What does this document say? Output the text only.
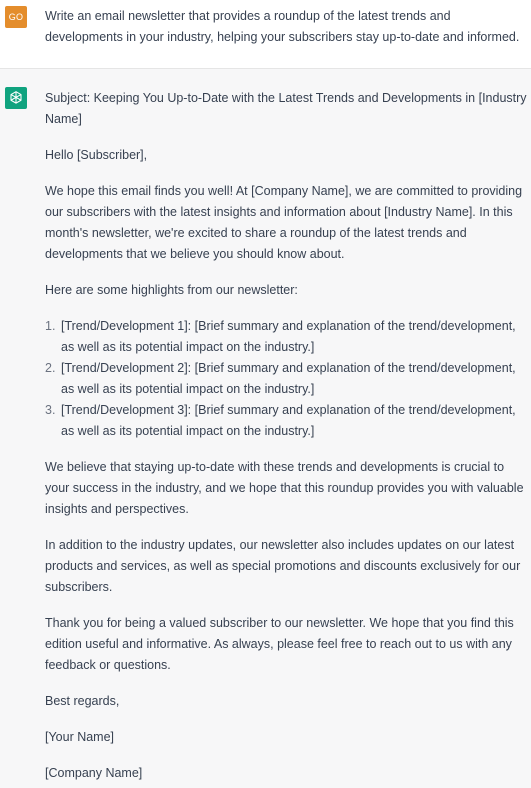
GO Write an email newsletter that provides a roundup of the latest trends and developments in your industry, helping your subscribers stay up-to-date and informed.

Subject: Keeping You Up-to-Date with the Latest Trends and Developments in [Industry Name]

Hello [Subscriber],

We hope this email finds you well! At [Company Name], we are committed to providing our subscribers with the latest insights and information about [Industry Name]. In this month's newsletter, we're excited to share a roundup of the latest trends and developments that we believe you should know about.

Here are some highlights from our newsletter:

1. [Trend/Development 1]: [Brief summary and explanation of the trend/development, as well as its potential impact on the industry.]
2. [Trend/Development 2]: [Brief summary and explanation of the trend/development, as well as its potential impact on the industry.]
3. [Trend/Development 3]: [Brief summary and explanation of the trend/development, as well as its potential impact on the industry.]

We believe that staying up-to-date with these trends and developments is crucial to your success in the industry, and we hope that this roundup provides you with valuable insights and perspectives.

In addition to the industry updates, our newsletter also includes updates on our latest products and services, as well as special promotions and discounts exclusively for our subscribers.

Thank you for being a valued subscriber to our newsletter. We hope that you find this edition useful and informative. As always, please feel free to reach out to us with any feedback or questions.

Best regards,

[Your Name]

[Company Name]
